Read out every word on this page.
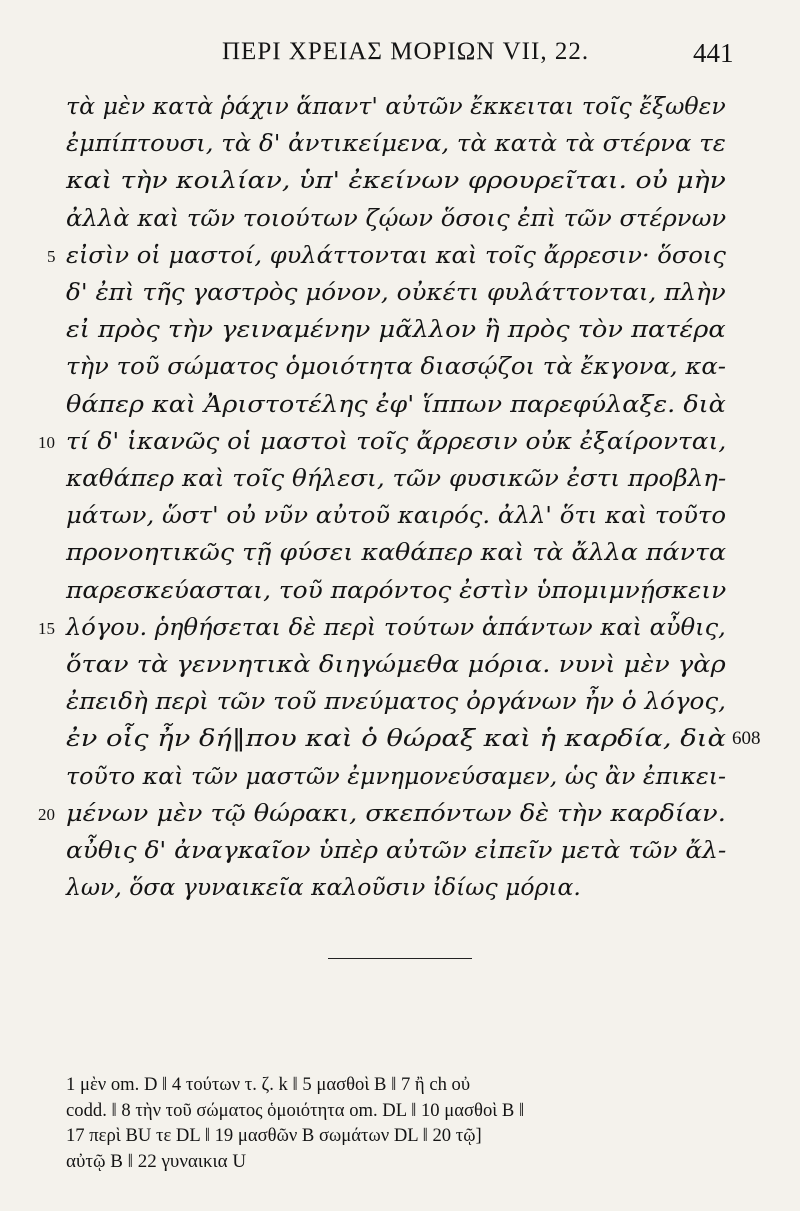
ΠΕΡΙ ΧΡΕΙΑΣ ΜΟΡΙΩΝ VII, 22.	441
τὰ μὲν κατὰ ῥάχιν ἅπαντ' αὐτῶν ἔκκειται τοῖς ἔξωθεν
ἐμπίπτουσι, τὰ δ' ἀντικείμενα, τὰ κατὰ τὰ στέρνα τε
καὶ τὴν κοιλίαν, ὑπ' ἐκείνων φρουρεῖται. οὐ μὴν
ἀλλὰ καὶ τῶν τοιούτων ζῴων ὅσοις ἐπὶ τῶν στέρνων
5 εἰσὶν οἱ μαστοί, φυλάττονται καὶ τοῖς ἄρρεσιν· ὅσοις
δ' ἐπὶ τῆς γαστρὸς μόνον, οὐκέτι φυλάττονται, πλὴν
εἰ πρὸς τὴν γειναμένην μᾶλλον ἢ πρὸς τὸν πατέρα
τὴν τοῦ σώματος ὁμοιότητα διασῴζοι τὰ ἔκγονα, κα-
θάπερ καὶ Ἀριστοτέλης ἐφ' ἵππων παρεφύλαξε. διὰ
10 τί δ' ἱκανῶς οἱ μαστοὶ τοῖς ἄρρεσιν οὐκ ἐξαίρονται,
καθάπερ καὶ τοῖς θήλεσι, τῶν φυσικῶν ἐστι προβλη-
μάτων, ὥστ' οὐ νῦν αὐτοῦ καιρός. ἀλλ' ὅτι καὶ τοῦτο
προνοητικῶς τῇ φύσει καθάπερ καὶ τὰ ἄλλα πάντα
παρεσκεύασται, τοῦ παρόντος ἐστὶν ὑπομιμνῄσκειν
15 λόγου. ῥηθήσεται δὲ περὶ τούτων ἁπάντων καὶ αὖθις,
ὅταν τὰ γεννητικὰ διηγώμεθα μόρια. νυνὶ μὲν γὰρ
ἐπειδὴ περὶ τῶν τοῦ πνεύματος ὀργάνων ἦν ὁ λόγος,
ἐν οἷς ἦν δή‖που καὶ ὁ θώραξ καὶ ἡ καρδία, διὰ 608
τοῦτο καὶ τῶν μαστῶν ἐμνημονεύσαμεν, ὡς ἂν ἐπικει-
20 μένων μὲν τῷ θώρακι, σκεπόντων δὲ τὴν καρδίαν.
αὖθις δ' ἀναγκαῖον ὑπὲρ αὐτῶν εἰπεῖν μετὰ τῶν ἄλ-
λων, ὅσα γυναικεῖα καλοῦσιν ἰδίως μόρια.
1 μὲν om. D ‖ 4 τούτων τ. ζ. k ‖ 5 μασθοὶ B ‖ 7 ἢ ch οὐ
codd. ‖ 8 τὴν τοῦ σώματος ὁμοιότητα om. DL ‖ 10 μασθοὶ B ‖
17 περὶ BU τε DL ‖ 19 μασθῶν B σωμάτων DL ‖ 20 τῷ]
αὐτῷ B ‖ 22 γυναικια U
